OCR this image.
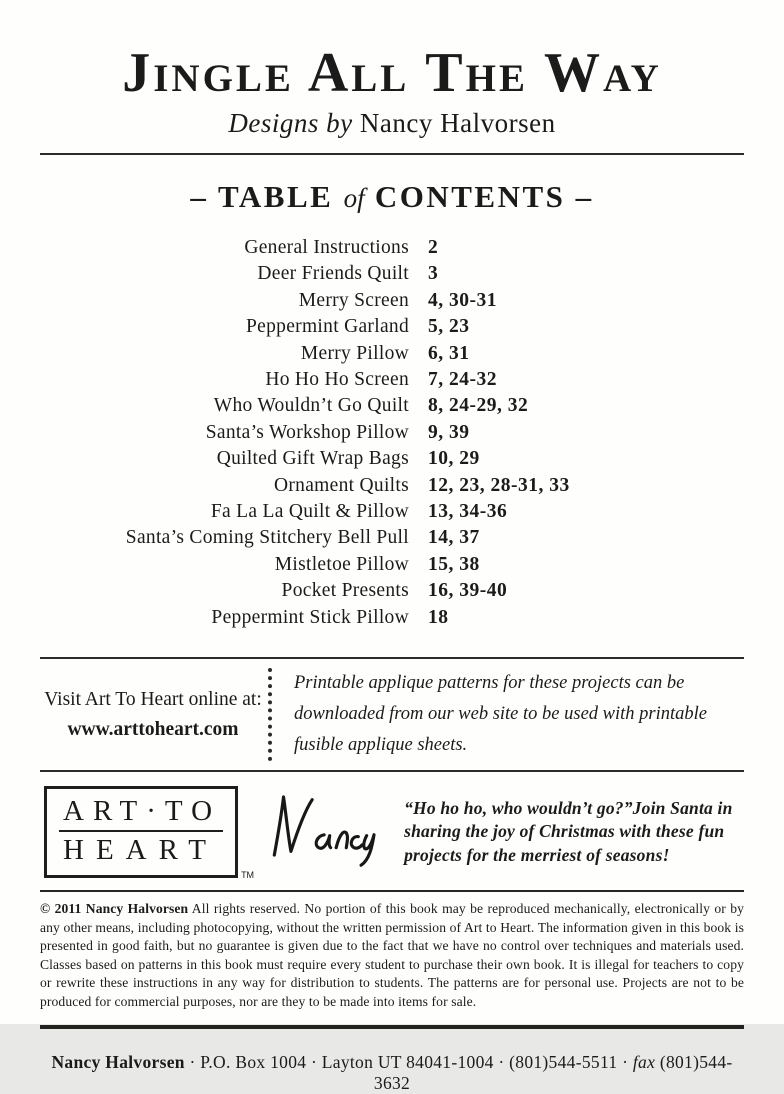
Jingle All The Way
Designs by Nancy Halvorsen
– TABLE of CONTENTS –
General Instructions 2
Deer Friends Quilt 3
Merry Screen 4, 30-31
Peppermint Garland 5, 23
Merry Pillow 6, 31
Ho Ho Ho Screen 7, 24-32
Who Wouldn’t Go Quilt 8, 24-29, 32
Santa’s Workshop Pillow 9, 39
Quilted Gift Wrap Bags 10, 29
Ornament Quilts 12, 23, 28-31, 33
Fa La La Quilt & Pillow 13, 34-36
Santa’s Coming Stitchery Bell Pull 14, 37
Mistletoe Pillow 15, 38
Pocket Presents 16, 39-40
Peppermint Stick Pillow 18
Visit Art To Heart online at:
www.arttoheart.com
Printable applique patterns for these projects can be downloaded from our web site to be used with printable fusible applique sheets.
ART·TO
HEART
TM
“Ho ho ho, who wouldn’t go?”Join Santa in sharing the joy of Christmas with these fun projects for the merriest of seasons!

© 2011 Nancy Halvorsen All rights reserved. No portion of this book may be reproduced mechanically, electronically or by any other means, including photocopying, without the written permission of Art to Heart. The information given in this book is presented in good faith, but no guarantee is given due to the fact that we have no control over techniques and materials used. Classes based on patterns in this book must require every student to purchase their own book. It is illegal for teachers to copy or rewrite these instructions in any way for distribution to students. The patterns are for personal use. Projects are not to be produced for commercial purposes, nor are they to be made into items for sale.

Nancy Halvorsen · P.O. Box 1004 · Layton UT 84041-1004 · (801)544-5511 · fax (801)544-3632
